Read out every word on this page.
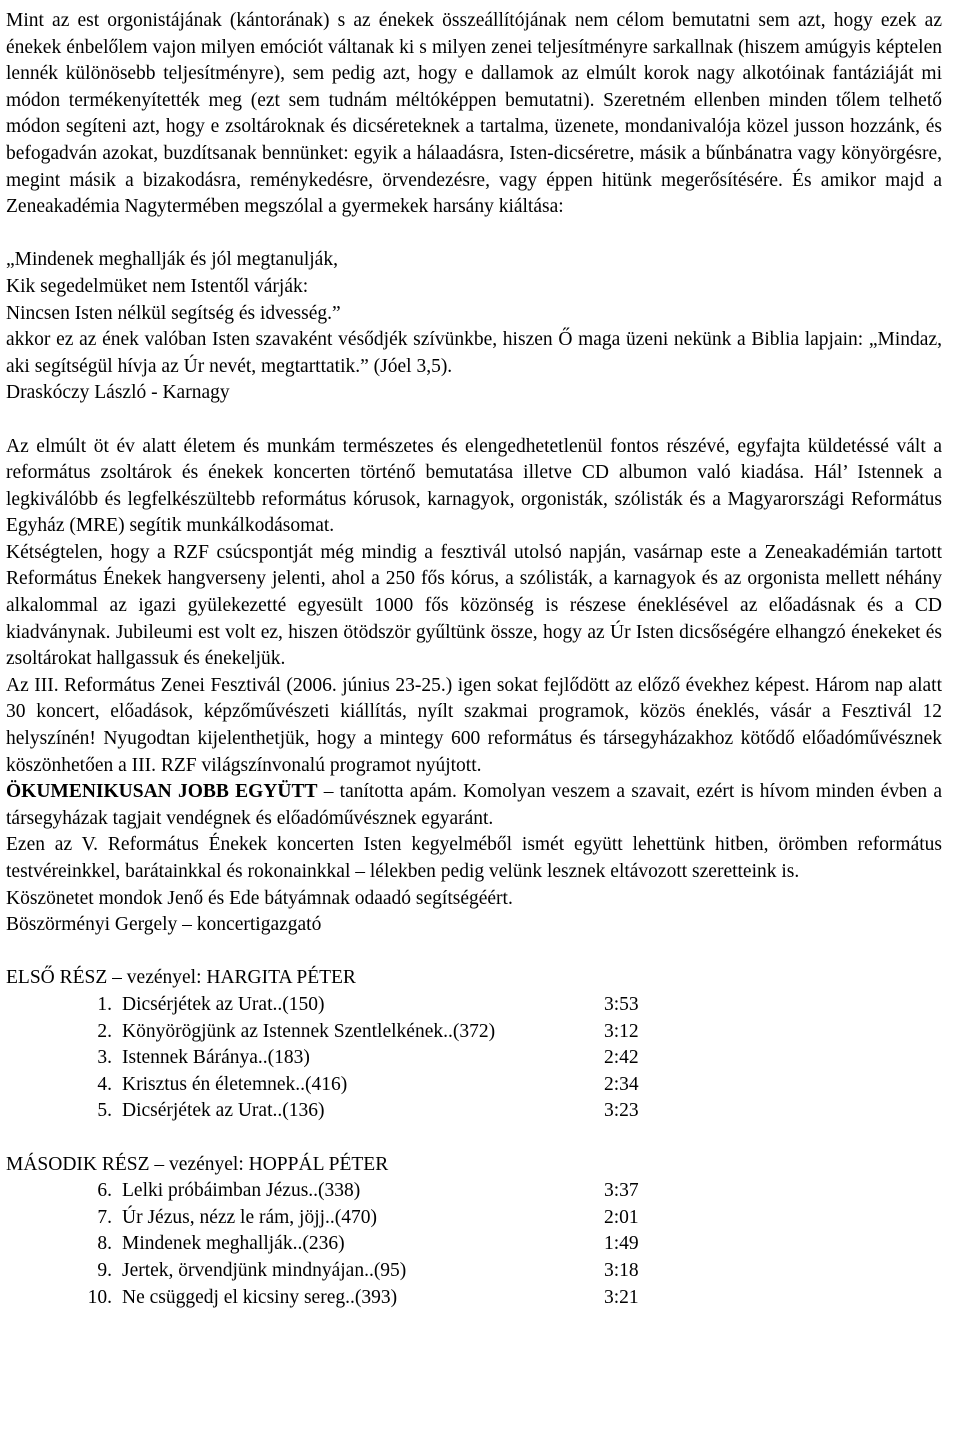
Mint az est orgonistájának (kántorának) s az énekek összeállítójának nem célom bemutatni sem azt, hogy ezek az énekek énbelőlem vajon milyen emóciót váltanak ki s milyen zenei teljesítményre sarkallnak (hiszem amúgyis képtelen lennék különösebb teljesítményre), sem pedig azt, hogy e dallamok az elmúlt korok nagy alkotóinak fantáziáját mi módon termékenyítették meg (ezt sem tudnám méltóképpen bemutatni). Szeretném ellenben minden tőlem telhető módon segíteni azt, hogy e zsoltároknak és dicséreteknek a tartalma, üzenete, mondanivalója közel jusson hozzánk, és befogadván azokat, buzdítsanak bennünket: egyik a hálaadásra, Isten-dicséretre, másik a bűnbánatra vagy könyörgésre, megint másik a bizakodásra, reménykedésre, örvendezésre, vagy éppen hitünk megerősítésére. És amikor majd a Zeneakadémia Nagytermében megszólal a gyermekek harsány kiáltása:

„Mindenek meghallják és jól megtanulják,

Kik segedelmüket nem Istentől várják:

Nincsen Isten nélkül segítség és idvesség.”

akkor ez az ének valóban Isten szavaként vésődjék szívünkbe, hiszen Ő maga üzeni nekünk a Biblia lapjain: „Mindaz, aki segítségül hívja az Úr nevét, megtarttatik.” (Jóel 3,5).

Draskóczy László - Karnagy

Az elmúlt öt év alatt életem és munkám természetes és elengedhetetlenül fontos részévé, egyfajta küldetéssé vált a református zsoltárok és énekek koncerten történő bemutatása illetve CD albumon való kiadása. Hál’ Istennek a legkiválóbb és legfelkészültebb református kórusok, karnagyok, orgonisták, szólisták és a Magyarországi Református Egyház (MRE) segítik munkálkodásomat.

Kétségtelen, hogy a RZF csúcspontját még mindig a fesztivál utolsó napján, vasárnap este a Zeneakadémián tartott Református Énekek hangverseny jelenti, ahol a 250 fős kórus, a szólisták, a karnagyok és az orgonista mellett néhány alkalommal az igazi gyülekezetté egyesült 1000 fős közönség is részese éneklésével az előadásnak és a CD kiadványnak. Jubileumi est volt ez, hiszen ötödször gyűltünk össze, hogy az Úr Isten dicsőségére elhangzó énekeket és zsoltárokat hallgassuk és énekeljük.

Az III. Református Zenei Fesztivál (2006. június 23-25.) igen sokat fejlődött az előző évekhez képest. Három nap alatt 30 koncert, előadások, képzőművészeti kiállítás, nyílt szakmai programok, közös éneklés, vásár a Fesztivál 12 helyszínén! Nyugodtan kijelenthetjük, hogy a mintegy 600 református és társegyházakhoz kötődő előadóművésznek köszönhetően a III. RZF világszínvonalú programot nyújtott.

ÖKUMENIKUSAN JOBB EGYÜTT – tanította apám. Komolyan veszem a szavait, ezért is hívom minden évben a társegyházak tagjait vendégnek és előadóművésznek egyaránt.

Ezen az V. Református Énekek koncerten Isten kegyelméből ismét együtt lehettünk hitben, örömben református testvéreinkkel, barátainkkal és rokonainkkal – lélekben pedig velünk lesznek eltávozott szeretteink is.

Köszönetet mondok Jenő és Ede bátyámnak odaadó segítségéért.

Böszörményi Gergely – koncertigazgató

ELSŐ RÉSZ – vezényel: HARGITA PÉTER

1. Dicsérjétek az Urat..(150)	3:53
2. Könyörögjünk az Istennek Szentlelkének..(372)	3:12
3. Istennek Báránya..(183)	2:42
4. Krisztus én életemnek..(416)	2:34
5. Dicsérjétek az Urat..(136)	3:23

MÁSODIK RÉSZ – vezényel: HOPPÁL PÉTER

6. Lelki próbáimban Jézus..(338)	3:37
7. Úr Jézus, nézz le rám, jöjj..(470)	2:01
8. Mindenek meghallják..(236)	1:49
9. Jertek, örvendjünk mindnyájan..(95)	3:18
10. Ne csüggedj el kicsiny sereg..(393)	3:21
